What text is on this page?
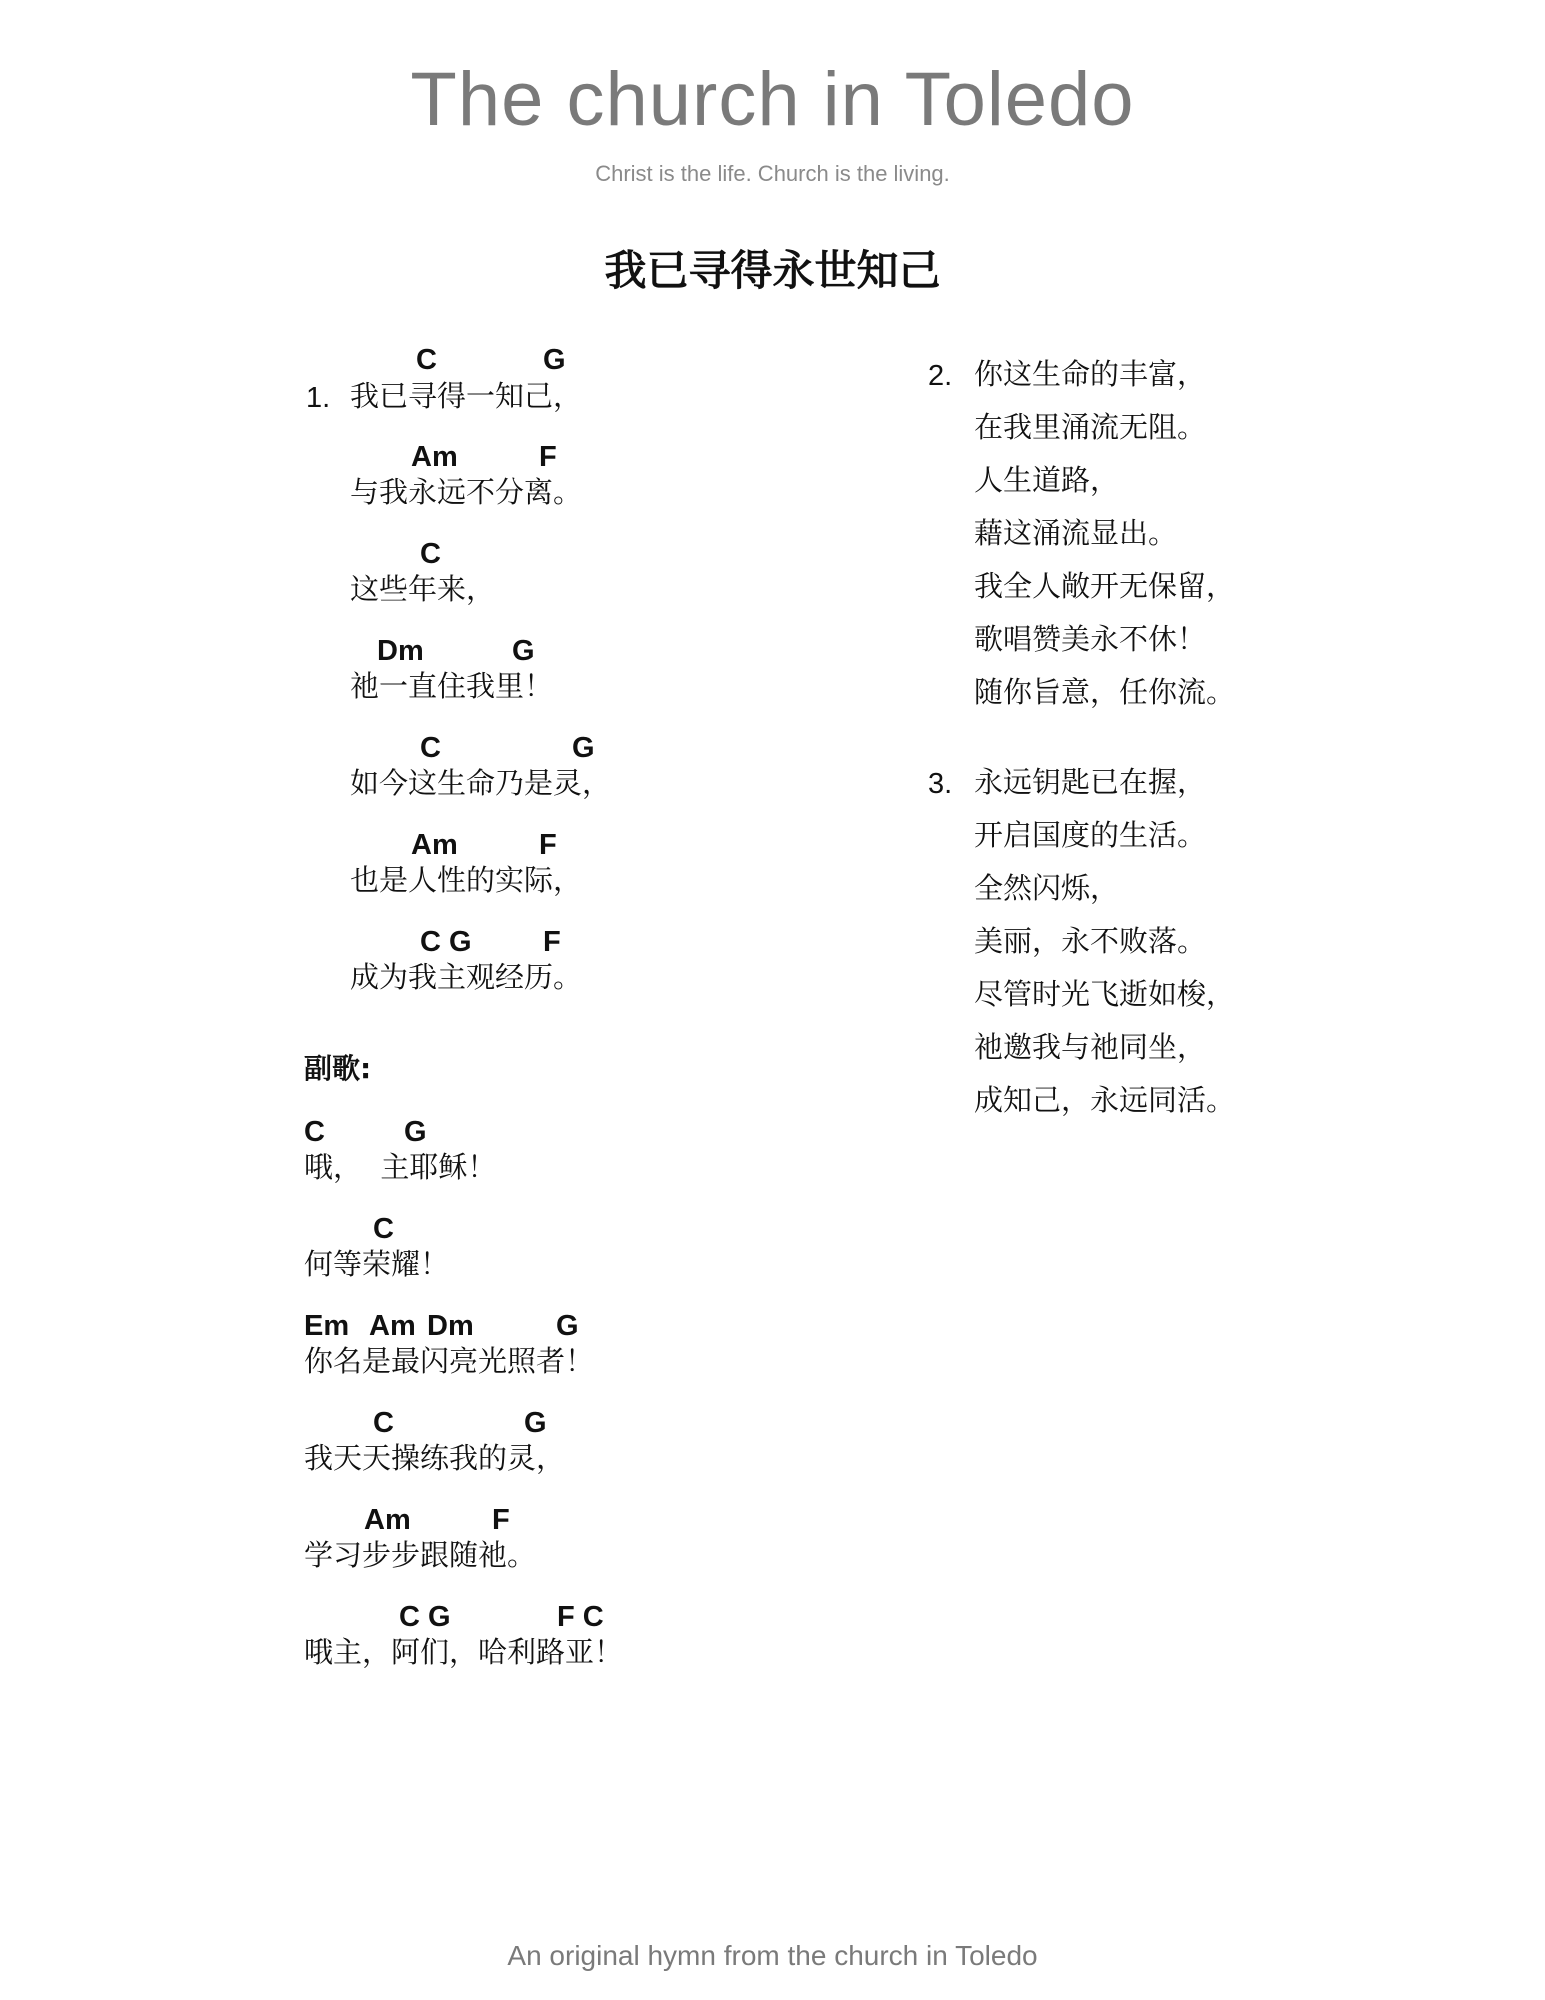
The church in Toledo
Christ is the life. Church is the living.
我已寻得永世知己
1.
C	G
我已寻得一知己，
Am	F
与我永远不分离。
C
这些年来，
Dm	G
祂一直住我里！
C	G
如今这生命乃是灵，
Am	F
也是人性的实际，
C G F
成为我主观经历。
副歌:
C	G
哦，  主耶稣！
C
何等荣耀！
Em Am Dm	G
你名是最闪亮光照者！
C	G
我天天操练我的灵，
Am	F
学习步步跟随祂。
C G	F C
哦主，阿们，哈利路亚！
2. 你这生命的丰富，
在我里涌流无阻。
人生道路，
藉这涌流显出。
我全人敞开无保留，
歌唱赞美永不休！
随你旨意，任你流。
3. 永远钥匙已在握，
开启国度的生活。
全然闪烁，
美丽，永不败落。
尽管时光飞逝如梭，
祂邀我与祂同坐，
成知己，永远同活。
An original hymn from the church in Toledo
